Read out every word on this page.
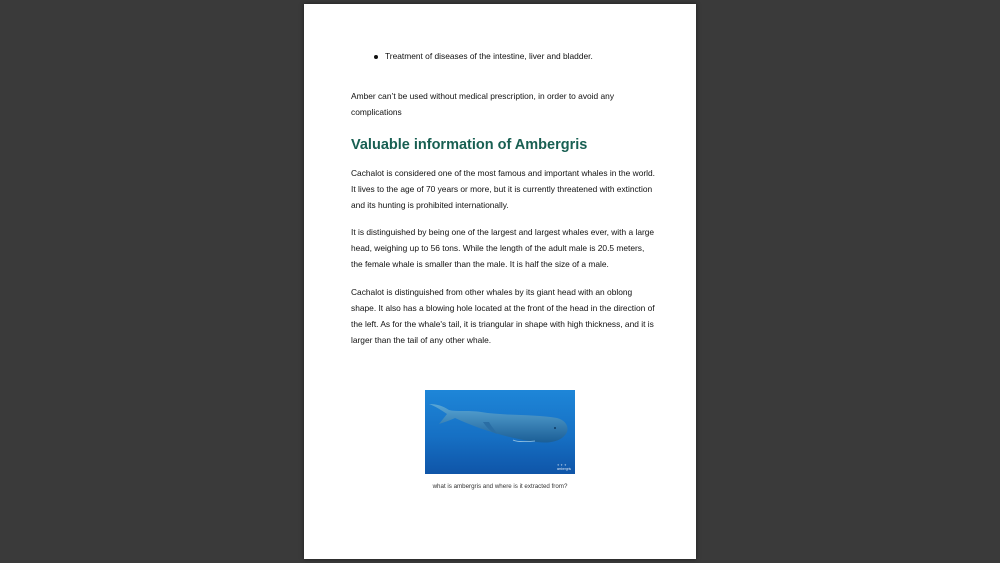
Treatment of diseases of the intestine, liver and bladder.

Amber can’t be used without medical prescription, in order to avoid any complications

Valuable information of Ambergris

Cachalot is considered one of the most famous and important whales in the world. It lives to the age of 70 years or more, but it is currently threatened with extinction and its hunting is prohibited internationally.

It is distinguished by being one of the largest and largest whales ever, with a large head, weighing up to 56 tons. While the length of the adult male is 20.5 meters, the female whale is smaller than the male. It is half the size of a male.

Cachalot is distinguished from other whales by its giant head with an oblong shape. It also has a blowing hole located at the front of the head in the direction of the left. As for the whale's tail, it is triangular in shape with high thickness, and it is larger than the tail of any other whale.

✦ ✦ ✦
ambergris
what is ambergris and where is it extracted from?
